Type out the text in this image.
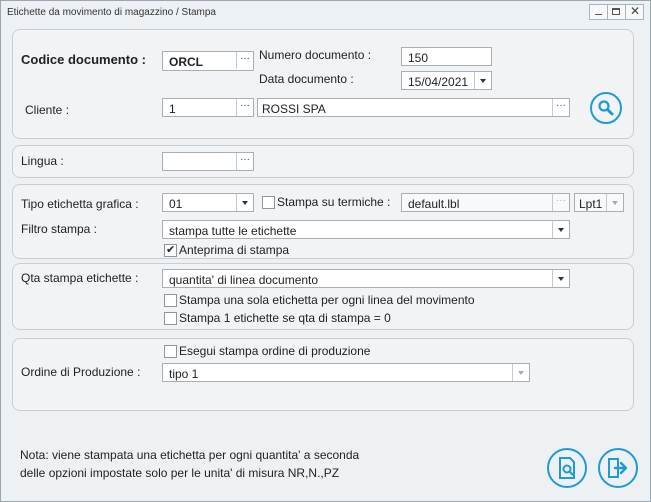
Etichette da movimento di magazzino / Stampa	✕
Codice documento : ORCL	··· Numero documento :	150
Data documento :	15/04/2021
Cliente :	1	··· ROSSI SPA	···
Lingua :	···
Tipo etichetta grafica :	01	Stampa su termiche : default.lbl	··· Lpt1
Filtro stampa :	stampa tutte le etichette
✔
Anteprima di stampa
Qta stampa etichette :	quantita' di linea documento
Stampa una sola etichetta per ogni linea del movimento
Stampa 1 etichette se qta di stampa = 0
Esegui stampa ordine di produzione
Ordine di Produzione : tipo 1
Nota: viene stampata una etichetta per ogni quantita' a seconda
delle opzioni impostate solo per le unita' di misura NR,N.,PZ
